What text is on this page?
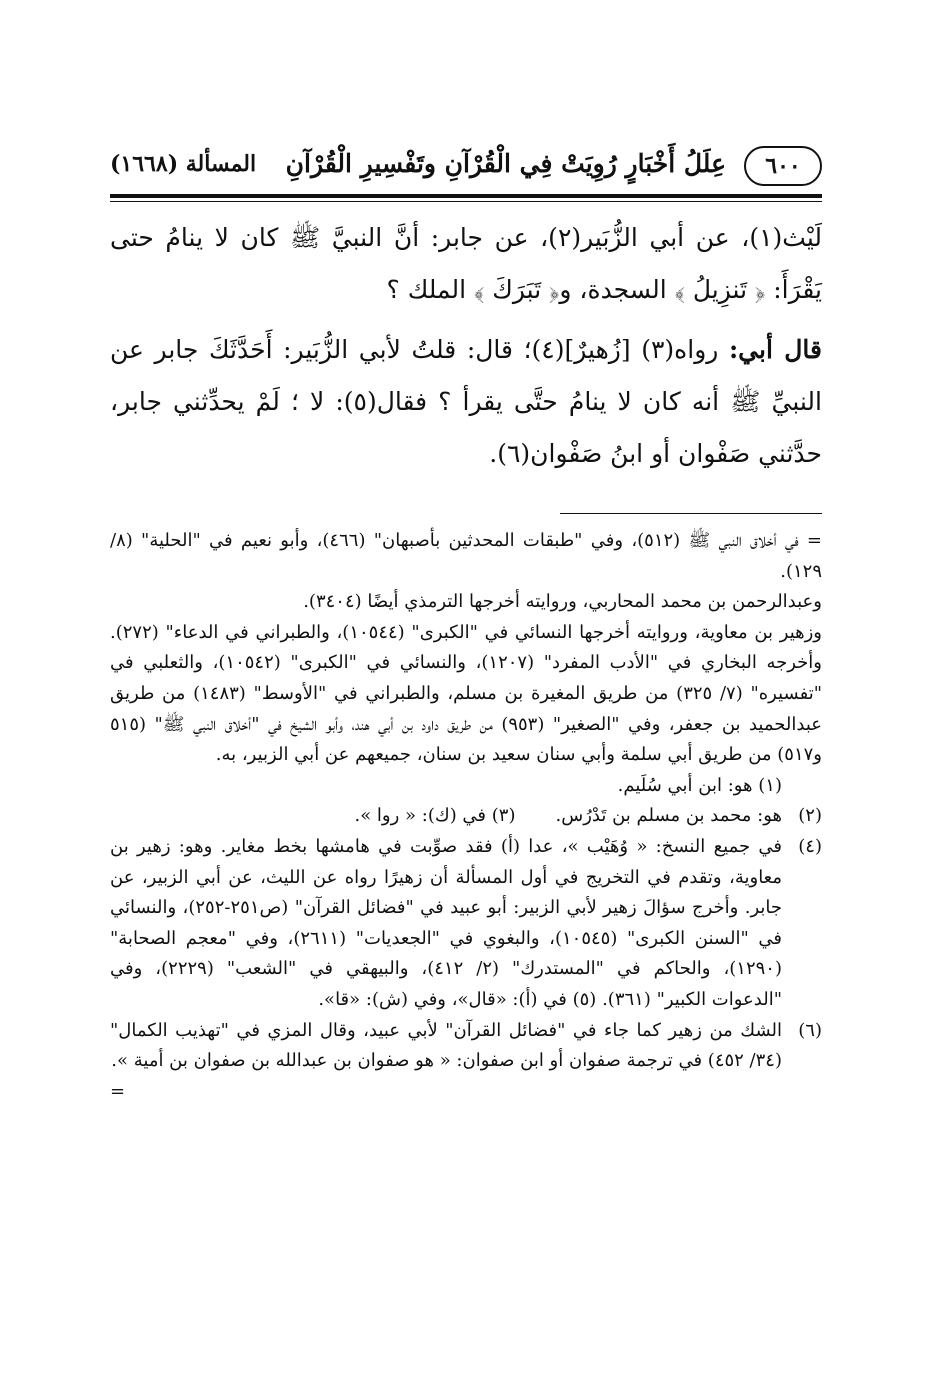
٦٠٠
عِلَلُ أَخْبَارٍ رُوِيَتْ فِي الْقُرْآنِ وتَفْسِيرِ الْقُرْآنِ
المسألة (١٦٦٨)

لَيْث(١)، عن أبي الزُّبَير(٢)، عن جابر: أنَّ النبيَّ ﷺ كان لا ينامُ حتى يَقْرَأَ: ﴿ تَنزِيلُ ﴾ السجدة، و﴿ تَبَرَكَ ﴾ الملك ؟

قال أبي: رواه(٣) [زُهيرٌ](٤)؛ قال: قلتُ لأبي الزُّبَير: أَحَدَّثَكَ جابر عن النبيِّ ﷺ أنه كان لا ينامُ حتَّى يقرأ ؟ فقال(٥): لا ؛ لَمْ يحدِّثني جابر، حدَّثني صَفْوان أو ابنُ صَفْوان(٦).

= في أخلاق النبي ﷺ (٥١٢)، وفي "طبقات المحدثين بأصبهان" (٤٦٦)، وأبو نعيم في "الحلية" (٨/ ١٢٩).

وعبدالرحمن بن محمد المحاربي، وروايته أخرجها الترمذي أيضًا (٣٤٠٤).

وزهير بن معاوية، وروايته أخرجها النسائي في "الكبرى" (١٠٥٤٤)، والطبراني في الدعاء" (٢٧٢). وأخرجه البخاري في "الأدب المفرد" (١٢٠٧)، والنسائي في "الكبرى" (١٠٥٤٢)، والثعلبي في "تفسيره" (٧/ ٣٢٥) من طريق المغيرة بن مسلم، والطبراني في "الأوسط" (١٤٨٣) من طريق عبدالحميد بن جعفر، وفي "الصغير" (٩٥٣) من طريق داود بن أبي هند، وأبو الشيخ في "أخلاق النبي ﷺ" (٥١٥ و٥١٧) من طريق أبي سلمة وأبي سنان سعيد بن سنان، جميعهم عن أبي الزبير، به.

(١) هو: ابن أبي سُلَيم.
(٢)
هو: محمد بن مسلم بن تَدْرُس.
(٣) في (ك): « روا ».
(٤)
في جميع النسخ: « وُهَيْب »، عدا (أ) فقد صوِّبت في هامشها بخط مغاير. وهو: زهير بن معاوية، وتقدم في التخريج في أول المسألة أن زهيرًا رواه عن الليث، عن أبي الزبير، عن جابر. وأخرج سؤالَ زهير لأبي الزبير: أبو عبيد في "فضائل القرآن" (ص٢٥١-٢٥٢)، والنسائي في "السنن الكبرى" (١٠٥٤٥)، والبغوي في "الجعديات" (٢٦١١)، وفي "معجم الصحابة" (١٢٩٠)، والحاكم في "المستدرك" (٢/ ٤١٢)، والبيهقي في "الشعب" (٢٢٢٩)، وفي "الدعوات الكبير" (٣٦١). (٥) في (أ): «قال»، وفي (ش): «قا».
(٦)
الشك من زهير كما جاء في "فضائل القرآن" لأبي عبيد، وقال المزي في "تهذيب الكمال"(٣٤/ ٤٥٢) في ترجمة صفوان أو ابن صفوان: « هو صفوان بن عبدالله بن صفوان بن أمية ».

=
